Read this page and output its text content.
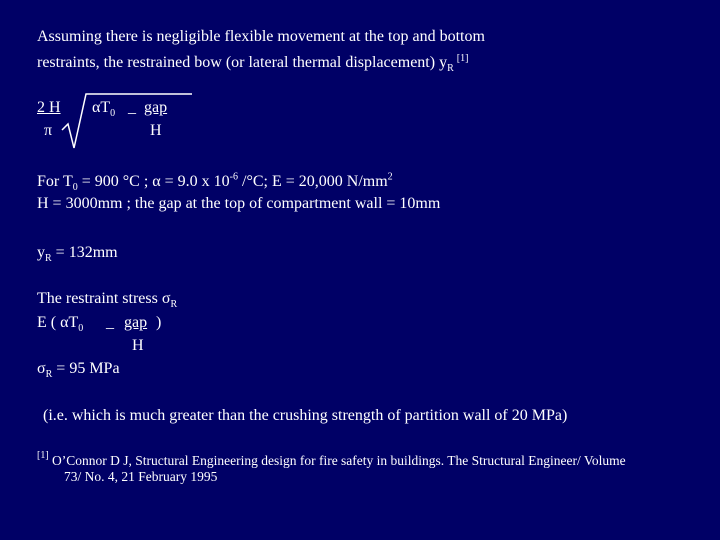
Assuming there is negligible flexible movement at the top and bottom
restraints, the restrained bow (or lateral thermal displacement) $y_R[1]$
2 H
π
$\alpha T_0$ _ gap
H
For $T_0 = 900$ °C ; α = 9.0 x $10^{-6}$ /°C; E = 20,000 $N/mm^2$
H = 3000mm ; the gap at the top of compartment wall = 10mm
$y_R = 132mm$
The restraint stress $\sigma_R$
E ( $\alpha T_0$ _ gap )
H
$\sigma_R = 95$ MPa
(i.e. which is much greater than the crushing strength of partition wall of 20 MPa)
[1] O’Connor D J, Structural Engineering design for fire safety in buildings. The Structural Engineer/ Volume
73/ No. 4, 21 February 1995
